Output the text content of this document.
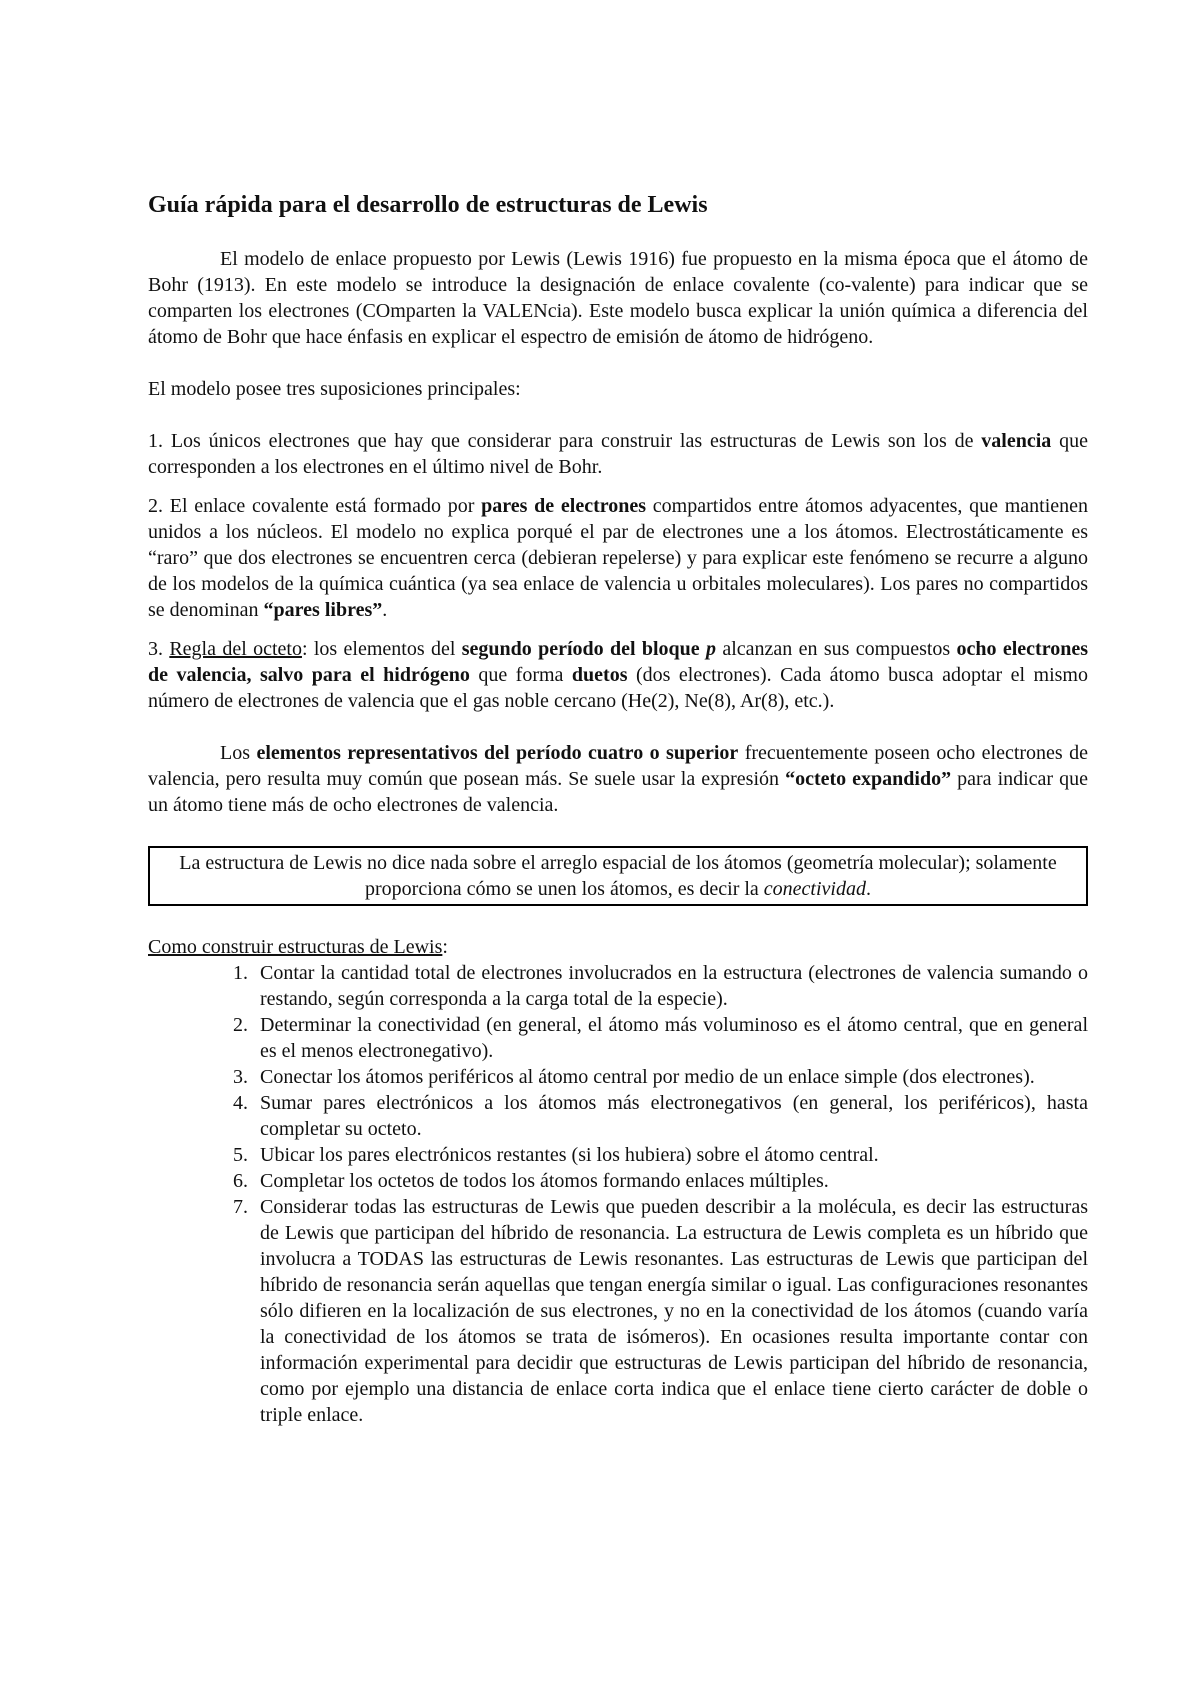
Guía rápida para el desarrollo de estructuras de Lewis

El modelo de enlace propuesto por Lewis (Lewis 1916) fue propuesto en la misma época que el átomo de Bohr (1913). En este modelo se introduce la designación de enlace covalente (co-valente) para indicar que se comparten los electrones (COmparten la VALENcia). Este modelo busca explicar la unión química a diferencia del átomo de Bohr que hace énfasis en explicar el espectro de emisión de átomo de hidrógeno.

El modelo posee tres suposiciones principales:

1. Los únicos electrones que hay que considerar para construir las estructuras de Lewis son los de valencia que corresponden a los electrones en el último nivel de Bohr.

2. El enlace covalente está formado por pares de electrones compartidos entre átomos adyacentes, que mantienen unidos a los núcleos. El modelo no explica porqué el par de electrones une a los átomos. Electrostáticamente es “raro” que dos electrones se encuentren cerca (debieran repelerse) y para explicar este fenómeno se recurre a alguno de los modelos de la química cuántica (ya sea enlace de valencia u orbitales moleculares). Los pares no compartidos se denominan “pares libres”.

3. Regla del octeto: los elementos del segundo período del bloque p alcanzan en sus compuestos ocho electrones de valencia, salvo para el hidrógeno que forma duetos (dos electrones). Cada átomo busca adoptar el mismo número de electrones de valencia que el gas noble cercano (He(2), Ne(8), Ar(8), etc.).

Los elementos representativos del período cuatro o superior frecuentemente poseen ocho electrones de valencia, pero resulta muy común que posean más. Se suele usar la expresión “octeto expandido” para indicar que un átomo tiene más de ocho electrones de valencia.

La estructura de Lewis no dice nada sobre el arreglo espacial de los átomos (geometría molecular); solamente proporciona cómo se unen los átomos, es decir la conectividad.

Como construir estructuras de Lewis:

1. Contar la cantidad total de electrones involucrados en la estructura (electrones de valencia sumando o restando, según corresponda a la carga total de la especie).
2. Determinar la conectividad (en general, el átomo más voluminoso es el átomo central, que en general es el menos electronegativo).
3. Conectar los átomos periféricos al átomo central por medio de un enlace simple (dos electrones).
4. Sumar pares electrónicos a los átomos más electronegativos (en general, los periféricos), hasta completar su octeto.
5. Ubicar los pares electrónicos restantes (si los hubiera) sobre el átomo central.
6. Completar los octetos de todos los átomos formando enlaces múltiples.
7. Considerar todas las estructuras de Lewis que pueden describir a la molécula, es decir las estructuras de Lewis que participan del híbrido de resonancia. La estructura de Lewis completa es un híbrido que involucra a TODAS las estructuras de Lewis resonantes. Las estructuras de Lewis que participan del híbrido de resonancia serán aquellas que tengan energía similar o igual. Las configuraciones resonantes sólo difieren en la localización de sus electrones, y no en la conectividad de los átomos (cuando varía la conectividad de los átomos se trata de isómeros). En ocasiones resulta importante contar con información experimental para decidir que estructuras de Lewis participan del híbrido de resonancia, como por ejemplo una distancia de enlace corta indica que el enlace tiene cierto carácter de doble o triple enlace.
